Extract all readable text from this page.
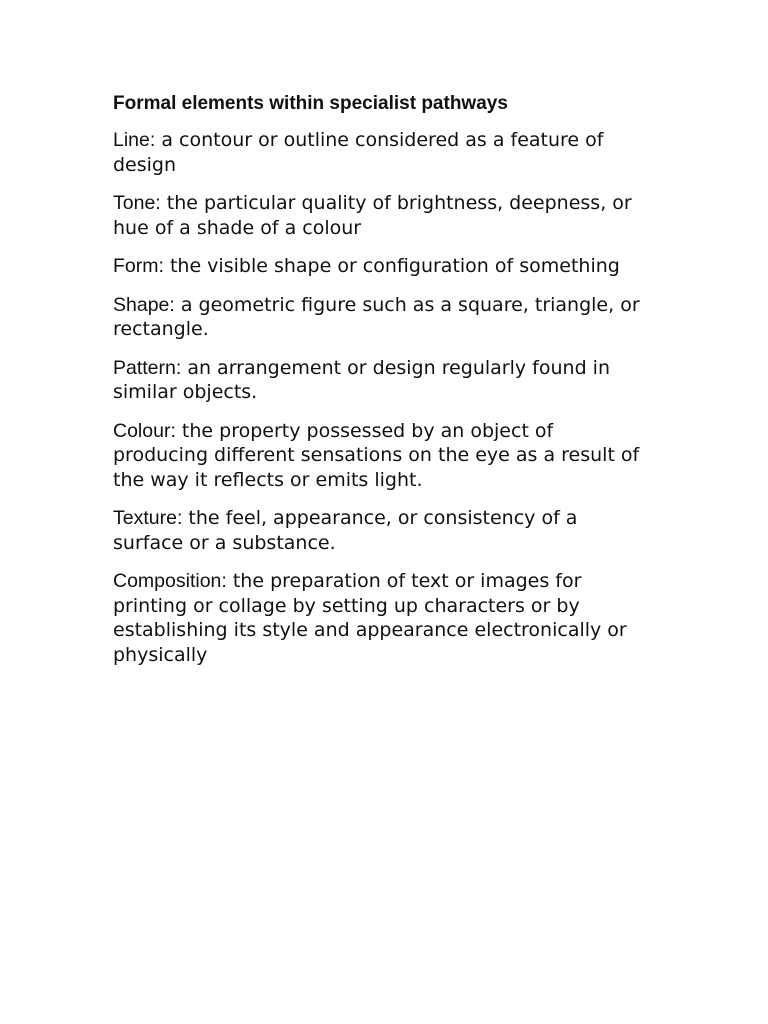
Formal elements within specialist pathways
Line: a contour or outline considered as a feature of design
Tone: the particular quality of brightness, deepness, or hue of a shade of a colour
Form: the visible shape or configuration of something
Shape: a geometric figure such as a square, triangle, or rectangle.
Pattern: an arrangement or design regularly found in similar objects.
Colour: the property possessed by an object of producing different sensations on the eye as a result of the way it reflects or emits light.
Texture: the feel, appearance, or consistency of a surface or a substance.
Composition: the preparation of text or images for printing or collage by setting up characters or by establishing its style and appearance electronically or physically
